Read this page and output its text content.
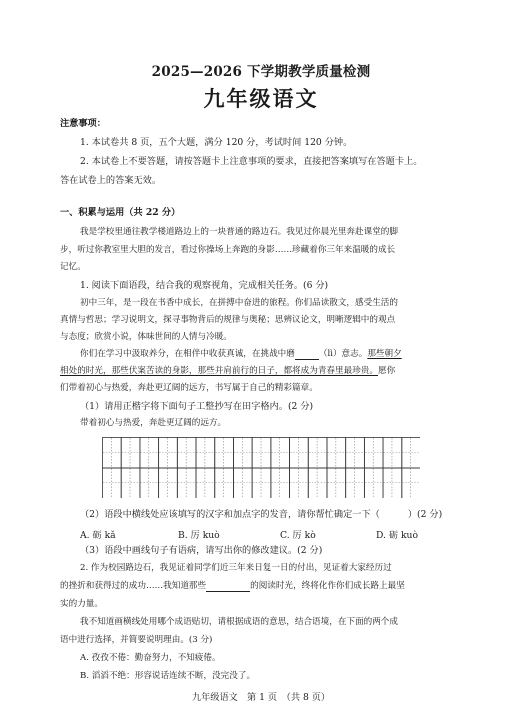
2025—2026 下学期教学质量检测
九年级语文
注意事项：
1. 本试卷共 8 页，五个大题，满分 120 分，考试时间 120 分钟。
2. 本试卷上不要答题，请按答题卡上注意事项的要求，直接把答案填写在答题卡上。
答在试卷上的答案无效。
一、积累与运用（共 22 分）
我是学校里通往教学楼道路边上的一块普通的路边石。我见过你晨光里奔赴课堂的脚
步，听过你教室里大胆的发言，看过你操场上奔跑的身影……珍藏着你三年来温暖的成长
记忆。
1. 阅读下面语段，结合我的观察视角，完成相关任务。(6 分)
初中三年，是一段在书香中成长，在拼搏中奋进的旅程。你们品读散文，感受生活的
真情与哲思；学习说明文，探寻事物背后的规律与奥秘；思辨议论文，明晰逻辑中的观点
与态度；欣赏小说，体味世间的人情与冷暖。
你们在学习中汲取养分，在相伴中收获真诚，在挑战中磨	（lì）意志。那些朝夕
相处的时光，那些伏案苦读的身影，那些并肩前行的日子，都将成为青春里最珍贵。愿你
们带着初心与热爱，奔赴更辽阔的远方，书写属于自己的精彩篇章。
（1）请用正楷字将下面句子工整抄写在田字格内。(2 分)
带着初心与热爱，奔赴更辽阔的远方。
（2）语段中横线处应该填写的汉字和加点字的发音，请你帮忙确定一下（	）(2 分)
A. 砺 kǎ	B. 厉 kuò	C. 厉 kò	D. 砺 kuò
（3）语段中画线句子有语病，请写出你的修改建议。(2 分)
2. 作为校园路边石，我见证着同学们近三年来日复一日的付出，见证着大家经历过
的挫折和获得过的成功……我知道那些	的阅读时光，终将化作你们成长路上最坚
实的力量。
我不知道画横线处用哪个成语贴切，请根据成语的意思，结合语境，在下面的两个成
语中进行选择，并简要说明理由。(3 分)
A. 孜孜不倦：勤奋努力，不知疲倦。
B. 滔滔不绝：形容说话连续不断，没完没了。
九年级语文　第 1 页　（共 8 页）
